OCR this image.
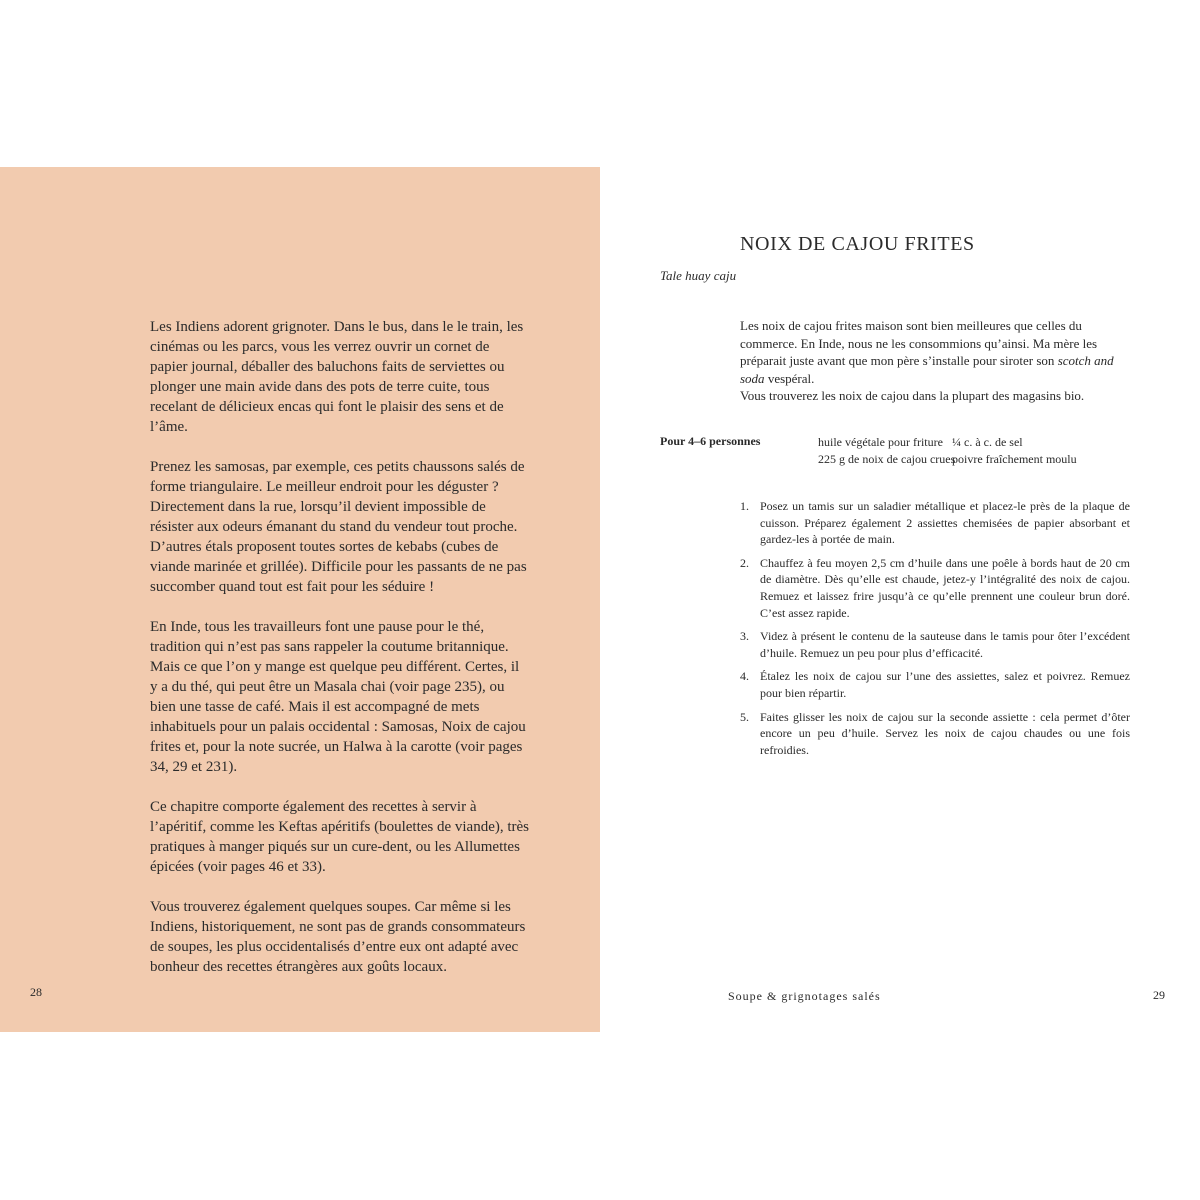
Les Indiens adorent grignoter. Dans le bus, dans le le train, les cinémas ou les parcs, vous les verrez ouvrir un cornet de papier journal, déballer des baluchons faits de serviettes ou plonger une main avide dans des pots de terre cuite, tous recelant de délicieux encas qui font le plaisir des sens et de l’âme.

Prenez les samosas, par exemple, ces petits chaussons salés de forme triangulaire. Le meilleur endroit pour les déguster ? Directement dans la rue, lorsqu’il devient impossible de résister aux odeurs émanant du stand du vendeur tout proche. D’autres étals proposent toutes sortes de kebabs (cubes de viande marinée et grillée). Difficile pour les passants de ne pas succomber quand tout est fait pour les séduire !

En Inde, tous les travailleurs font une pause pour le thé, tradition qui n’est pas sans rappeler la coutume britannique. Mais ce que l’on y mange est quelque peu différent. Certes, il y a du thé, qui peut être un Masala chai (voir page 235), ou bien une tasse de café. Mais il est accompagné de mets inhabituels pour un palais occidental : Samosas, Noix de cajou frites et, pour la note sucrée, un Halwa à la carotte (voir pages 34, 29 et 231).

Ce chapitre comporte également des recettes à servir à l’apéritif, comme les Keftas apéritifs (boulettes de viande), très pratiques à manger piqués sur un cure-dent, ou les Allumettes épicées (voir pages 46 et 33).

Vous trouverez également quelques soupes. Car même si les Indiens, historiquement, ne sont pas de grands consommateurs de soupes, les plus occidentalisés d’entre eux ont adapté avec bonheur des recettes étrangères aux goûts locaux.

28
NOIX DE CAJOU FRITES
Tale huay caju
Les noix de cajou frites maison sont bien meilleures que celles du commerce. En Inde, nous ne les consommions qu’ainsi. Ma mère les préparait juste avant que mon père s’installe pour siroter son scotch and soda vespéral.
Vous trouverez les noix de cajou dans la plupart des magasins bio.
Pour 4–6 personnes	huile végétale pour friture
225 g de noix de cajou crues
¼ c. à c. de sel
poivre fraîchement moulu
1. Posez un tamis sur un saladier métallique et placez-le près de la plaque de cuisson. Préparez également 2 assiettes chemisées de papier absorbant et gardez-les à portée de main.
2. Chauffez à feu moyen 2,5 cm d’huile dans une poêle à bords haut de 20 cm de diamètre. Dès qu’elle est chaude, jetez-y l’intégralité des noix de cajou. Remuez et laissez frire jusqu’à ce qu’elle prennent une couleur brun doré. C’est assez rapide.
3. Videz à présent le contenu de la sauteuse dans le tamis pour ôter l’excédent d’huile. Remuez un peu pour plus d’efficacité.
4. Étalez les noix de cajou sur l’une des assiettes, salez et poivrez. Remuez pour bien répartir.
5. Faites glisser les noix de cajou sur la seconde assiette : cela permet d’ôter encore un peu d’huile. Servez les noix de cajou chaudes ou une fois refroidies.
Soupe & grignotages salés	29
